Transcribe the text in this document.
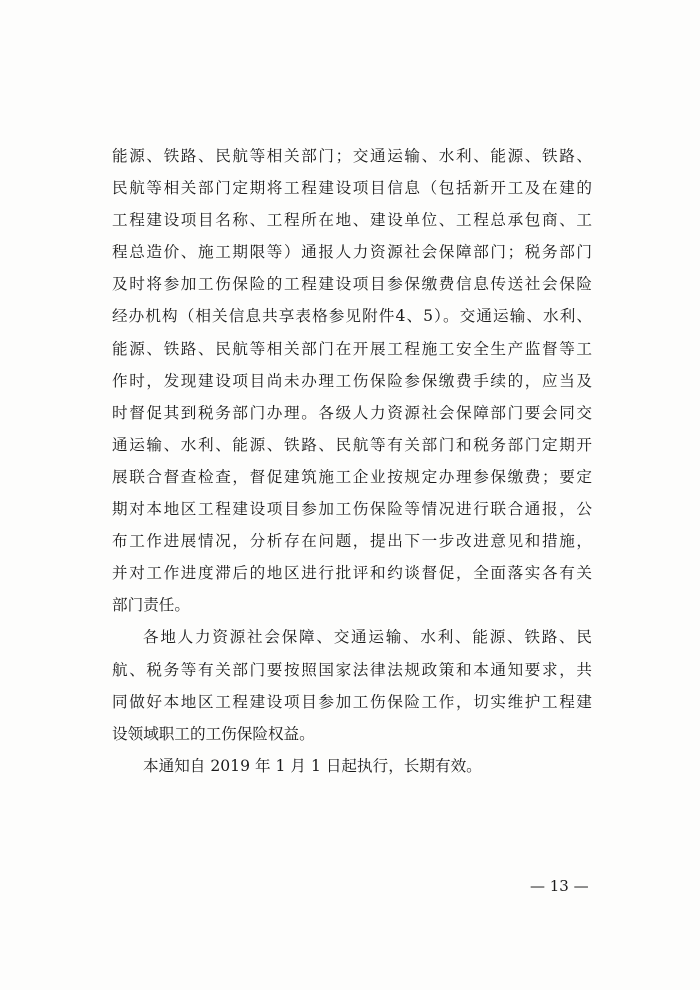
能源、铁路、民航等相关部门；交通运输、水利、能源、铁路、
民航等相关部门定期将工程建设项目信息（包括新开工及在建的
工程建设项目名称、工程所在地、建设单位、工程总承包商、工
程总造价、施工期限等）通报人力资源社会保障部门；税务部门
及时将参加工伤保险的工程建设项目参保缴费信息传送社会保险
经办机构（相关信息共享表格参见附件4、5）。交通运输、水利、
能源、铁路、民航等相关部门在开展工程施工安全生产监督等工
作时，发现建设项目尚未办理工伤保险参保缴费手续的，应当及
时督促其到税务部门办理。各级人力资源社会保障部门要会同交
通运输、水利、能源、铁路、民航等有关部门和税务部门定期开
展联合督查检查，督促建筑施工企业按规定办理参保缴费；要定
期对本地区工程建设项目参加工伤保险等情况进行联合通报，公
布工作进展情况，分析存在问题，提出下一步改进意见和措施，
并对工作进度滞后的地区进行批评和约谈督促，全面落实各有关
部门责任。
各地人力资源社会保障、交通运输、水利、能源、铁路、民
航、税务等有关部门要按照国家法律法规政策和本通知要求，共
同做好本地区工程建设项目参加工伤保险工作，切实维护工程建
设领域职工的工伤保险权益。
本通知自 2019 年 1 月 1 日起执行，长期有效。
— 13 —
